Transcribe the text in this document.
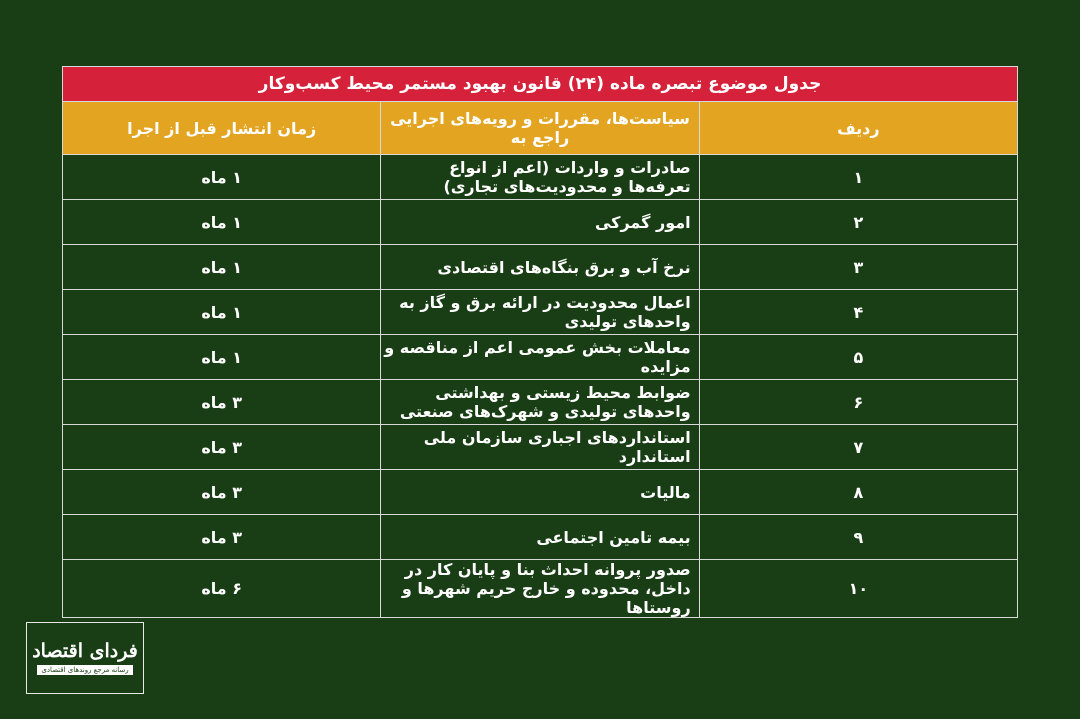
جدول موضوع تبصره ماده (۲۴) قانون بهبود مستمر محیط کسب‌وکار		
ردیف	سیاست‌ها، مقررات و رویه‌های اجرایی راجع به	زمان انتشار قبل از اجرا
۱	صادرات و واردات (اعم از انواع تعرفه‌ها و محدودیت‌های تجاری)	۱ ماه
۲	امور گمرکی	۱ ماه
۳	نرخ آب و برق بنگاه‌های اقتصادی	۱ ماه
۴	اعمال محدودیت در ارائه برق و گاز به واحدهای تولیدی	۱ ماه
۵	معاملات بخش عمومی اعم از مناقصه و مزایده	۱ ماه
۶	ضوابط محیط زیستی و بهداشتی واحدهای تولیدی و شهرک‌های صنعتی	۳ ماه
۷	استانداردهای اجباری سازمان ملی استاندارد	۳ ماه
۸	مالیات	۳ ماه
۹	بیمه تامین اجتماعی	۳ ماه
۱۰	صدور پروانه احداث بنا و پایان کار در داخل، محدوده و خارج حریم شهرها و روستاها	۶ ماه
فردای اقتصاد
رسانه مرجع روندهای اقتصادی
